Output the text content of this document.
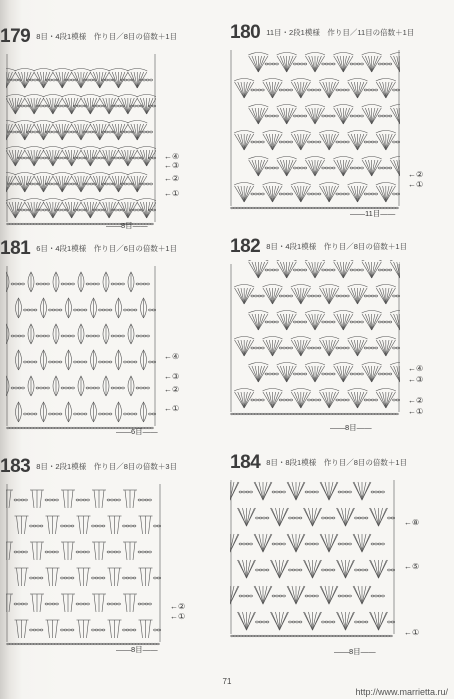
179 8目・4段1模様　作り目／8目の倍数＋1目
←④
←③
←②
←①
——8目——
180 11目・2段1模様　作り目／11目の倍数＋1目
←②
←①
——11目——
181 6目・4段1模様　作り目／6目の倍数＋1目
←④
←③
←②
←①
——6目——
182 8目・4段1模様　作り目／8目の倍数＋1目
←④
←③
←②
←①
——8目——
183 8目・2段1模様　作り目／8目の倍数＋3目
←②
←①
——8目——
184 8目・8段1模様　作り目／8目の倍数＋1目
←⑧
←⑤
←①
——8目——
71
http://www.marrietta.ru/
